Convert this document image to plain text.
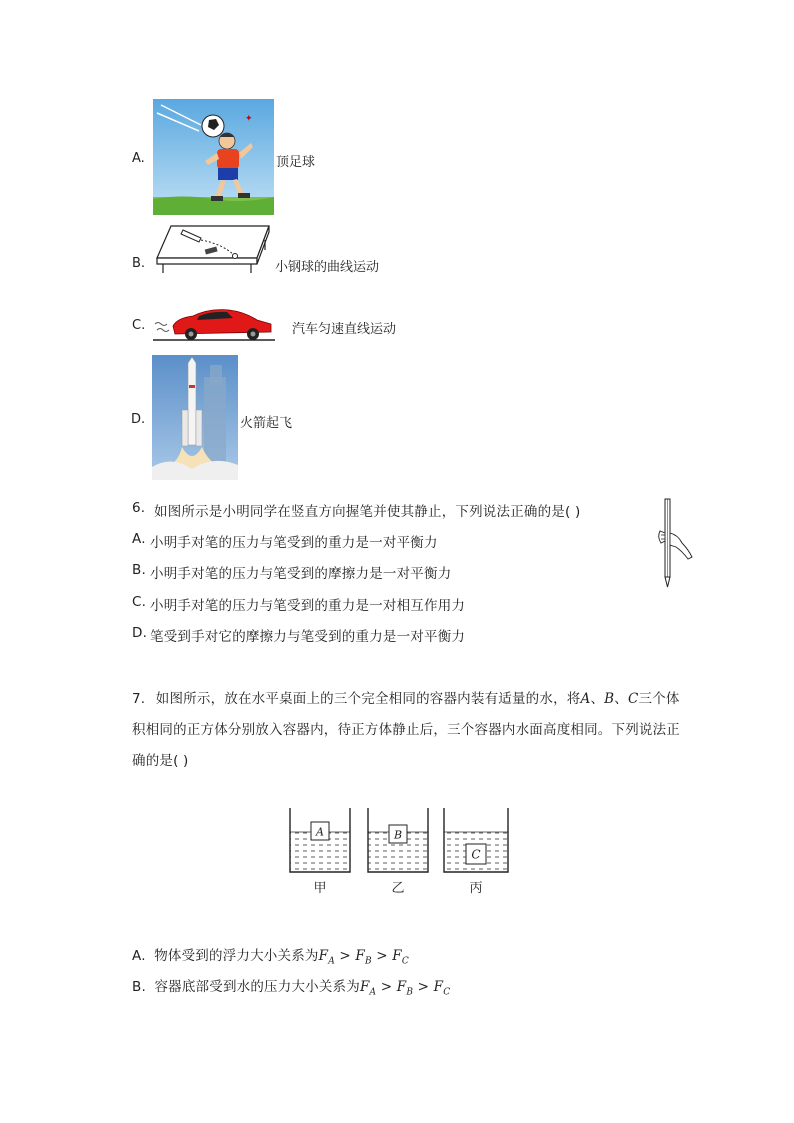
A.
✦
顶足球
B.	小钢球的曲线运动
C.	汽车匀速直线运动
D.	火箭起飞
6. 如图所示是小明同学在竖直方向握笔并使其静止，下列说法正确的是( )
A. 小明手对笔的压力与笔受到的重力是一对平衡力
B. 小明手对笔的压力与笔受到的摩擦力是一对平衡力
C. 小明手对笔的压力与笔受到的重力是一对相互作用力
D. 笔受到手对它的摩擦力与笔受到的重力是一对平衡力
7. 如图所示，放在水平桌面上的三个完全相同的容器内装有适量的水，将A、B、C三个体
积相同的正方体分别放入容器内，待正方体静止后，三个容器内水面高度相同。下列说法正
确的是( )
A
甲
B
乙
C
丙
A. 物体受到的浮力大小关系为$F_A > F_B > F_C$
B. 容器底部受到水的压力大小关系为$F_A > F_B > F_C$
